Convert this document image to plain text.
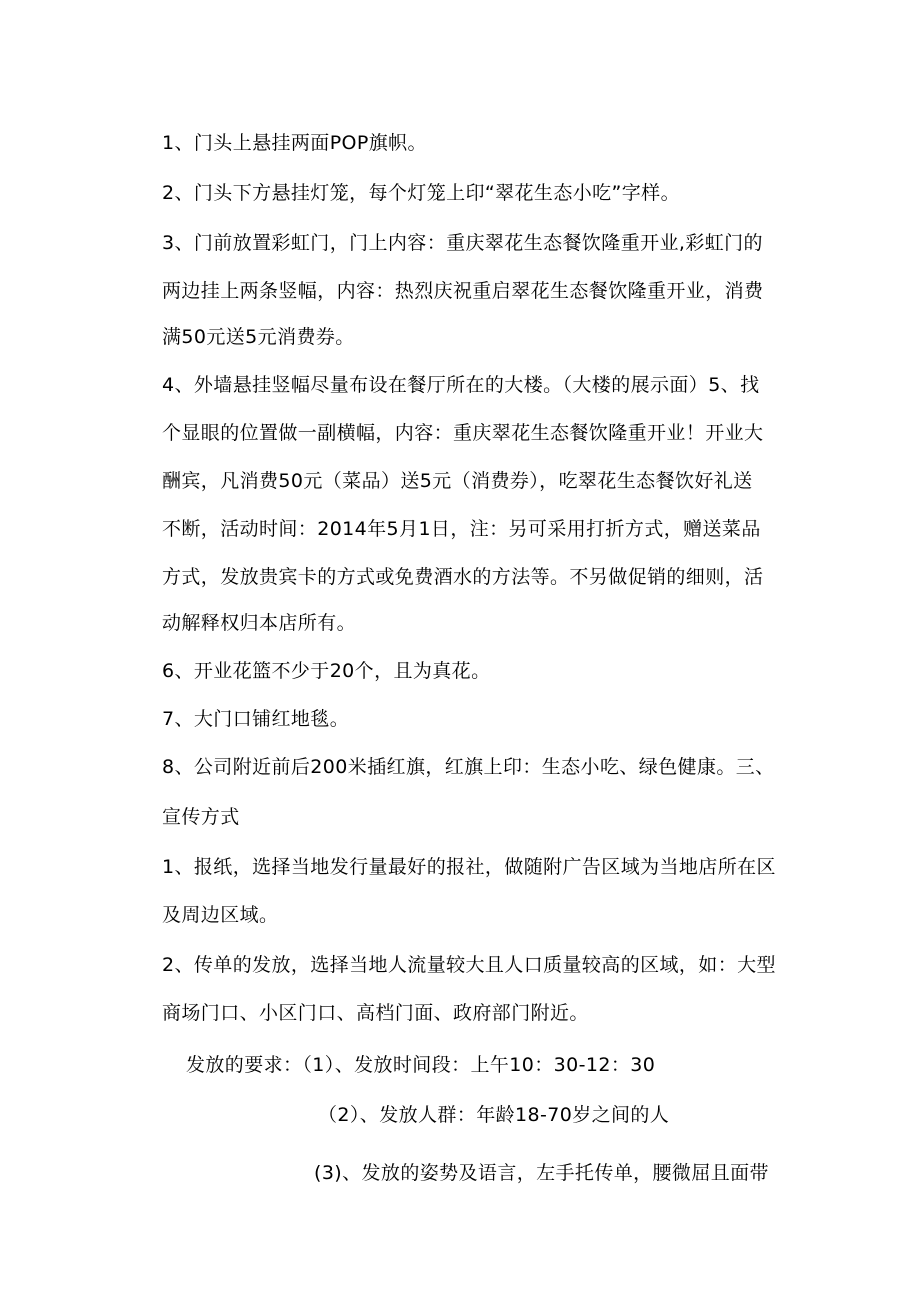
1、门头上悬挂两面POP旗帜。
2、门头下方悬挂灯笼，每个灯笼上印“翠花生态小吃”字样。
3、门前放置彩虹门，门上内容：重庆翠花生态餐饮隆重开业,彩虹门的
两边挂上两条竖幅，内容：热烈庆祝重启翠花生态餐饮隆重开业，消费
满50元送5元消费券。
4、外墙悬挂竖幅尽量布设在餐厅所在的大楼。（大楼的展示面）5、找
个显眼的位置做一副横幅，内容：重庆翠花生态餐饮隆重开业！开业大
酬宾，凡消费50元（菜品）送5元（消费券），吃翠花生态餐饮好礼送
不断，活动时间：2014年5月1日，注：另可采用打折方式，赠送菜品
方式，发放贵宾卡的方式或免费酒水的方法等。不另做促销的细则，活
动解释权归本店所有。
6、开业花篮不少于20个，且为真花。
7、大门口铺红地毯。
8、公司附近前后200米插红旗，红旗上印：生态小吃、绿色健康。三、
宣传方式
1、报纸，选择当地发行量最好的报社，做随附广告区域为当地店所在区
及周边区域。
2、传单的发放，选择当地人流量较大且人口质量较高的区域，如：大型
商场门口、小区门口、高档门面、政府部门附近。
发放的要求：（1）、发放时间段：上午10：30-12：30
（2）、发放人群：年龄18-70岁之间的人
(3)、发放的姿势及语言，左手托传单，腰微屈且面带
